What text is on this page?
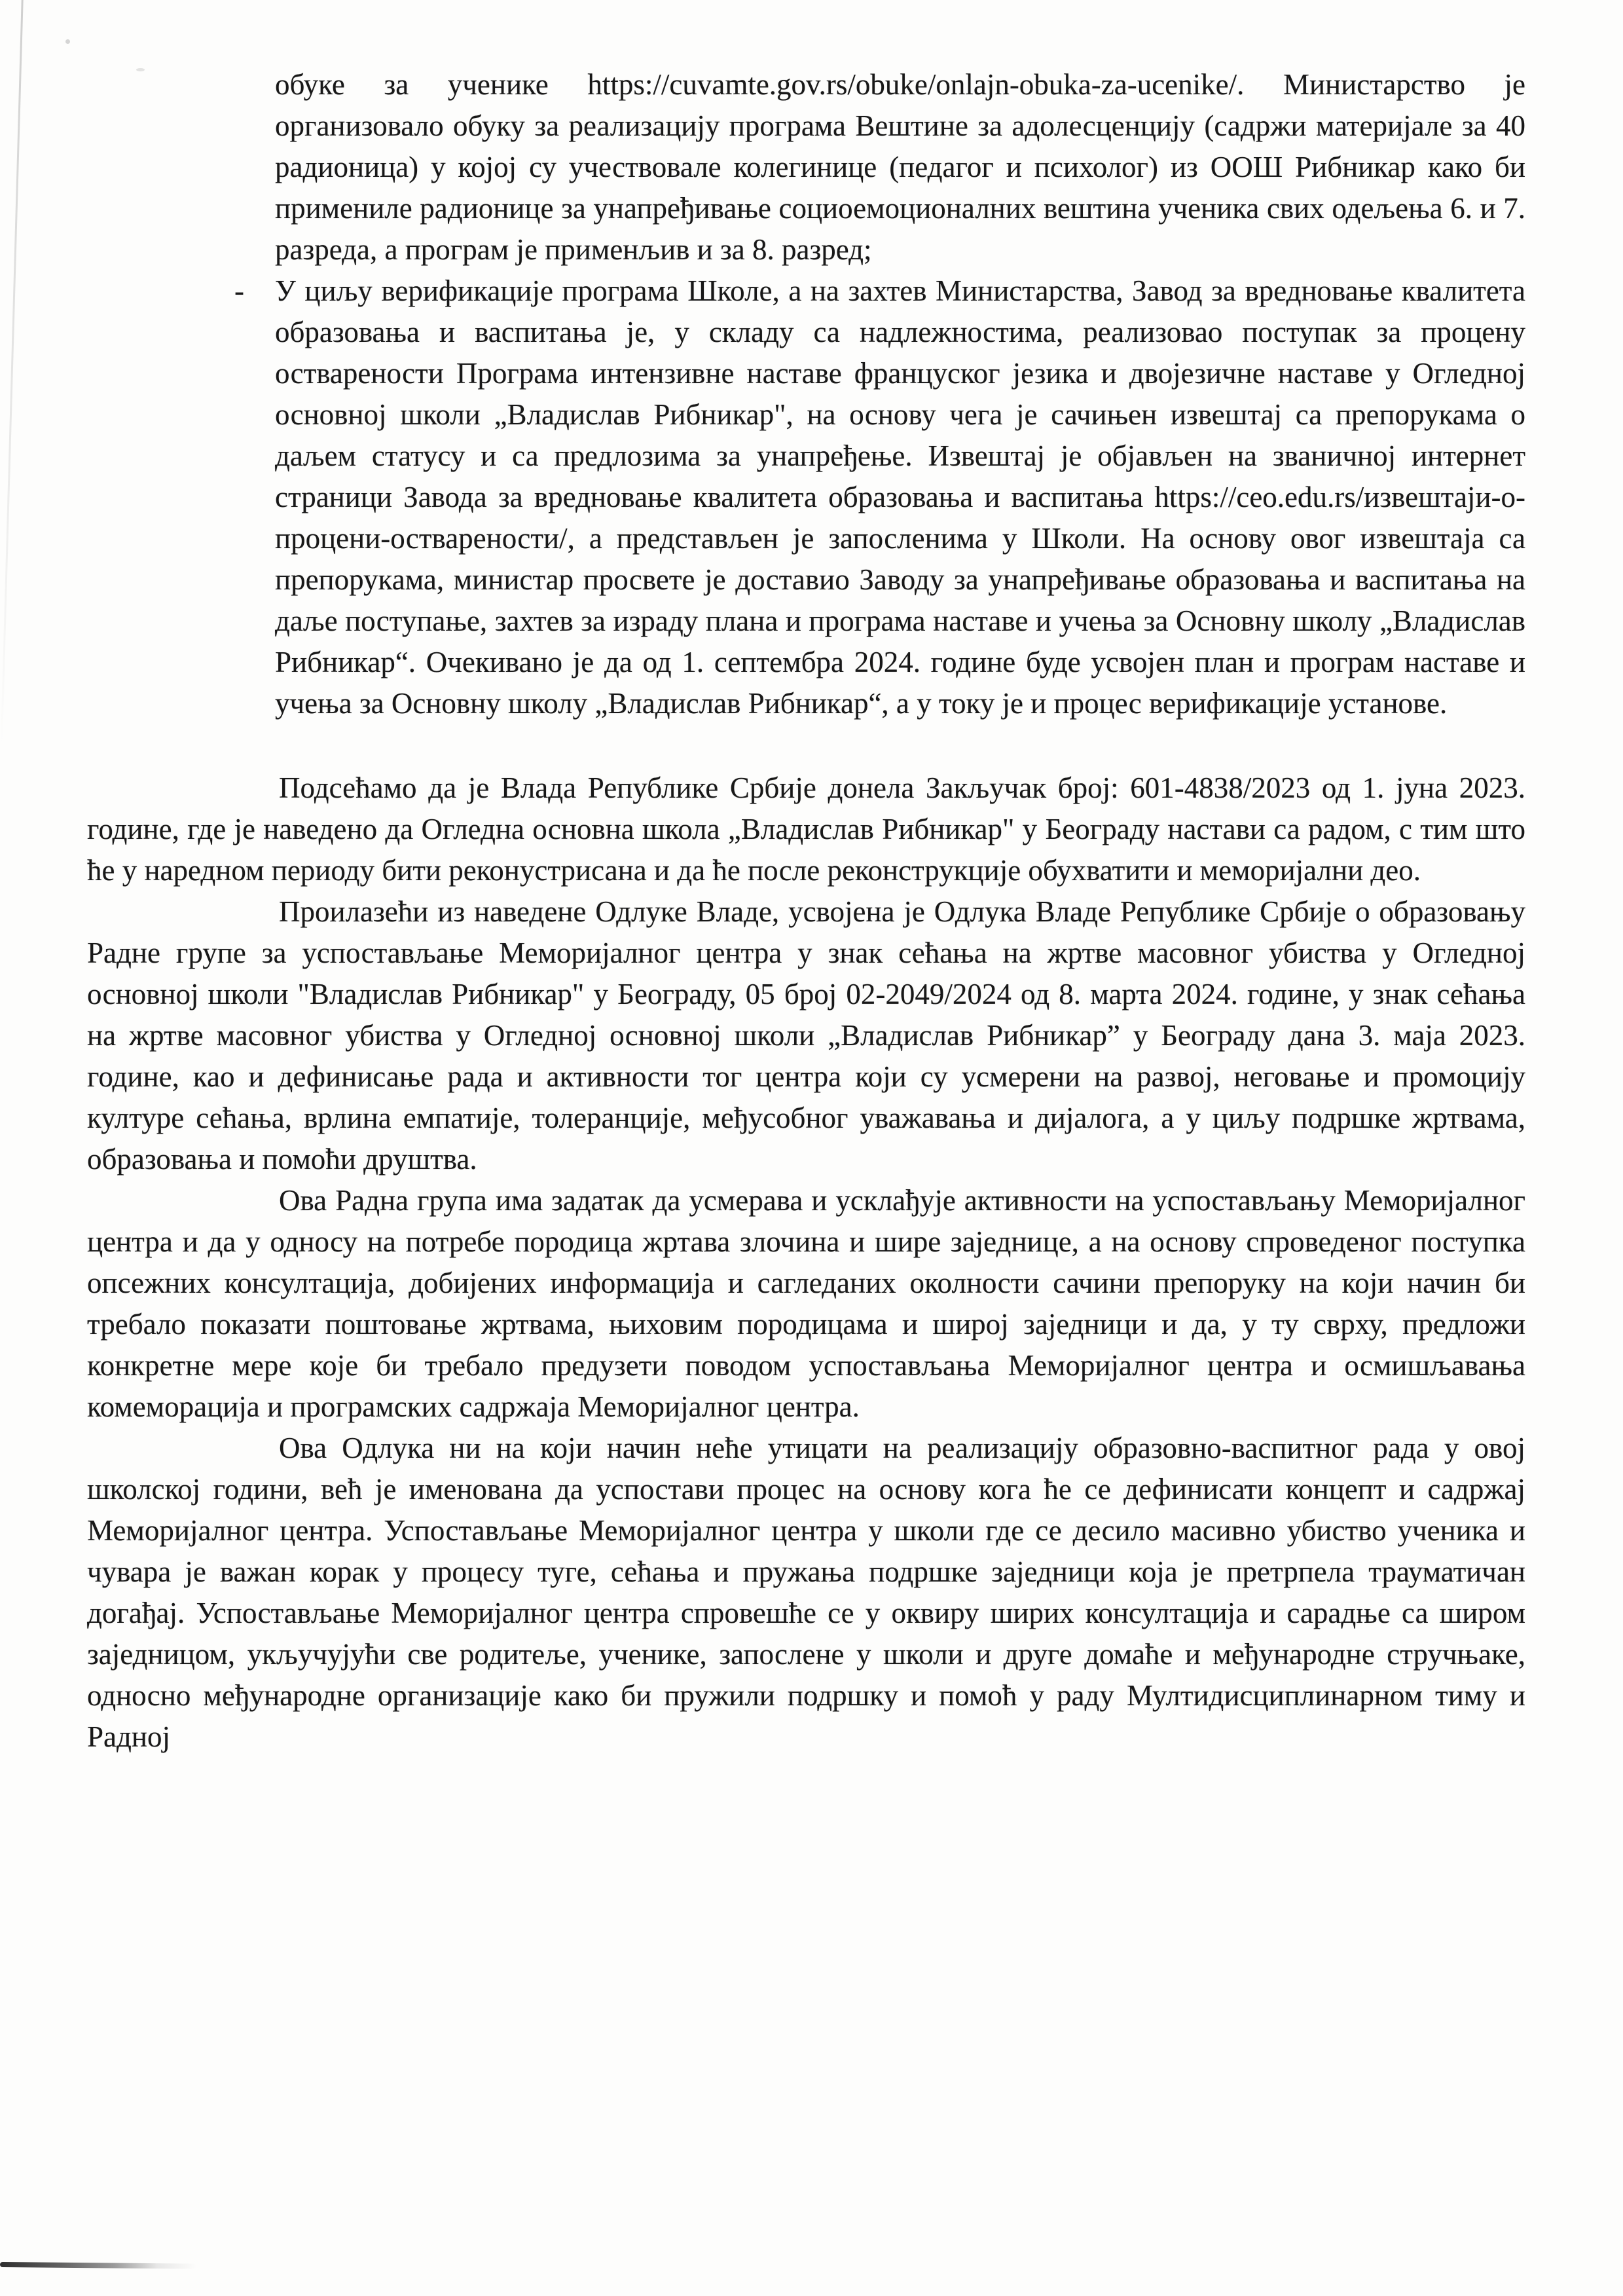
обуке за ученике https://cuvamte.gov.rs/obuke/onlajn-obuka-za-ucenike/. Министарство је организовало обуку за реализацију програма Вештине за адолесценцију (садржи материјале за 40 радионица) у којој су учествовале колегинице (педагог и психолог) из ООШ Рибникар како би примениле радионице за унапређивање социоемоционалних вештина ученика свих одељења 6. и 7. разреда, а програм је применљив и за 8. разред;
- У циљу верификације програма Школе, а на захтев Министарства, Завод за вредновање квалитета образовања и васпитања је, у складу са надлежностима, реализовао поступак за процену остварености Програма интензивне наставе француског језика и двојезичне наставе у Огледној основној школи „Владислав Рибникар", на основу чега је сачињен извештај са препорукама о даљем статусу и са предлозима за унапређење. Извештај је објављен на званичној интернет страници Завода за вредновање квалитета образовања и васпитања https://ceo.edu.rs/извештаји-о-процени-остварености/, а представљен је запосленима у Школи. На основу овог извештаја са препорукама, министар просвете је доставио Заводу за унапређивање образовања и васпитања на даље поступање, захтев за израду плана и програма наставе и учења за Основну школу „Владислав Рибникар“. Очекивано је да од 1. септембра 2024. године буде усвојен план и програм наставе и учења за Основну школу „Владислав Рибникар“, а у току је и процес верификације установе.

Подсећамо да је Влада Републике Србије донела Закључак број: 601-4838/2023 од 1. јуна 2023. године, где је наведено да Огледна основна школа „Владислав Рибникар" у Београду настави са радом, с тим што ће у наредном периоду бити реконустрисана и да ће после реконструкције обухватити и меморијални део.

Проилазећи из наведене Одлуке Владе, усвојена је Одлука Владе Републике Србије о образовању Радне групе за успостављање Меморијалног центра у знак сећања на жртве масовног убиства у Огледној основној школи "Владислав Рибникар" у Београду, 05 број 02-2049/2024 од 8. марта 2024. године, у знак сећања на жртве масовног убиства у Огледној основној школи „Владислав Рибникар” у Београду дана 3. маја 2023. године, као и дефинисање рада и активности тог центра који су усмерени на развој, неговање и промоцију културе сећања, врлина емпатије, толеранције, међусобног уважавања и дијалога, а у циљу подршке жртвама, образовања и помоћи друштва.

Ова Радна група има задатак да усмерава и усклађује активности на успостављању Меморијалног центра и да у односу на потребе породица жртава злочина и шире заједнице, а на основу спроведеног поступка опсежних консултација, добијених информација и сагледаних околности сачини препоруку на који начин би требало показати поштовање жртвама, њиховим породицама и широј заједници и да, у ту сврху, предложи конкретне мере које би требало предузети поводом успостављања Меморијалног центра и осмишљавања комеморација и програмских садржаја Меморијалног центра.

Ова Одлука ни на који начин неће утицати на реализацију образовно-васпитног рада у овој школској години, већ је именована да успостави процес на основу кога ће се дефинисати концепт и садржај Меморијалног центра. Успостављање Меморијалног центра у школи где се десило масивно убиство ученика и чувара је важан корак у процесу туге, сећања и пружања подршке заједници која је претрпела трауматичан догађај. Успостављање Меморијалног центра спровешће се у оквиру ширих консултација и сарадње са широм заједницом, укључујући све родитеље, ученике, запослене у школи и друге домаће и међународне стручњаке, односно међународне организације како би пружили подршку и помоћ у раду Мултидисциплинарном тиму и Радној
